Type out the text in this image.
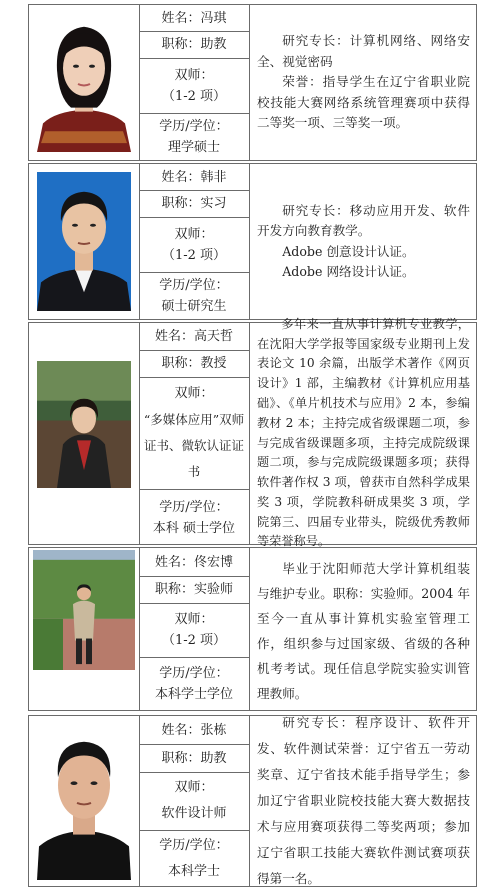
姓名：冯琪
职称：助教
双师：
（1-2 项）
学历/学位：
理学硕士

研究专长：计算机网络、网络安全、视觉密码

荣誉：指导学生在辽宁省职业院校技能大赛网络系统管理赛项中获得二等奖一项、三等奖一项。

姓名：韩非
职称：实习
双师：
（1-2 项）
学历/学位：
硕士研究生

研究专长：移动应用开发、软件开发方向教育教学。

Adobe 创意设计认证。

Adobe 网络设计认证。

姓名：高天哲
职称：教授
双师：
“多媒体应用”双师证书、微软认证证书
学历/学位：
本科 硕士学位

多年来一直从事计算机专业教学，在沈阳大学学报等国家级专业期刊上发表论文 10 余篇，出版学术著作《网页设计》1 部，主编教材《计算机应用基础》、《单片机技术与应用》2 本，参编教材 2 本；主持完成省级课题二项，参与完成省级课题多项，主持完成院级课题二项，参与完成院级课题多项；获得软件著作权 3 项，曾获市自然科学成果奖 3 项，学院教科研成果奖 3 项，学院第三、四届专业带头，院级优秀教师等荣誉称号。

姓名：佟宏博
职称：实验师
双师：
（1-2 项）
学历/学位：
本科学士学位

毕业于沈阳师范大学计算机组装与维护专业。职称：实验师。2004 年至今一直从事计算机实验室管理工作，组织参与过国家级、省级的各种机考考试。现任信息学院实验实训管理教师。

姓名：张栋
职称：助教
双师：
软件设计师
学历/学位：
本科学士

研究专长：程序设计、软件开发、软件测试荣誉：辽宁省五一劳动奖章、辽宁省技术能手指导学生；参加辽宁省职业院校技能大赛大数据技术与应用赛项获得二等奖两项；参加辽宁省职工技能大赛软件测试赛项获得第一名。
